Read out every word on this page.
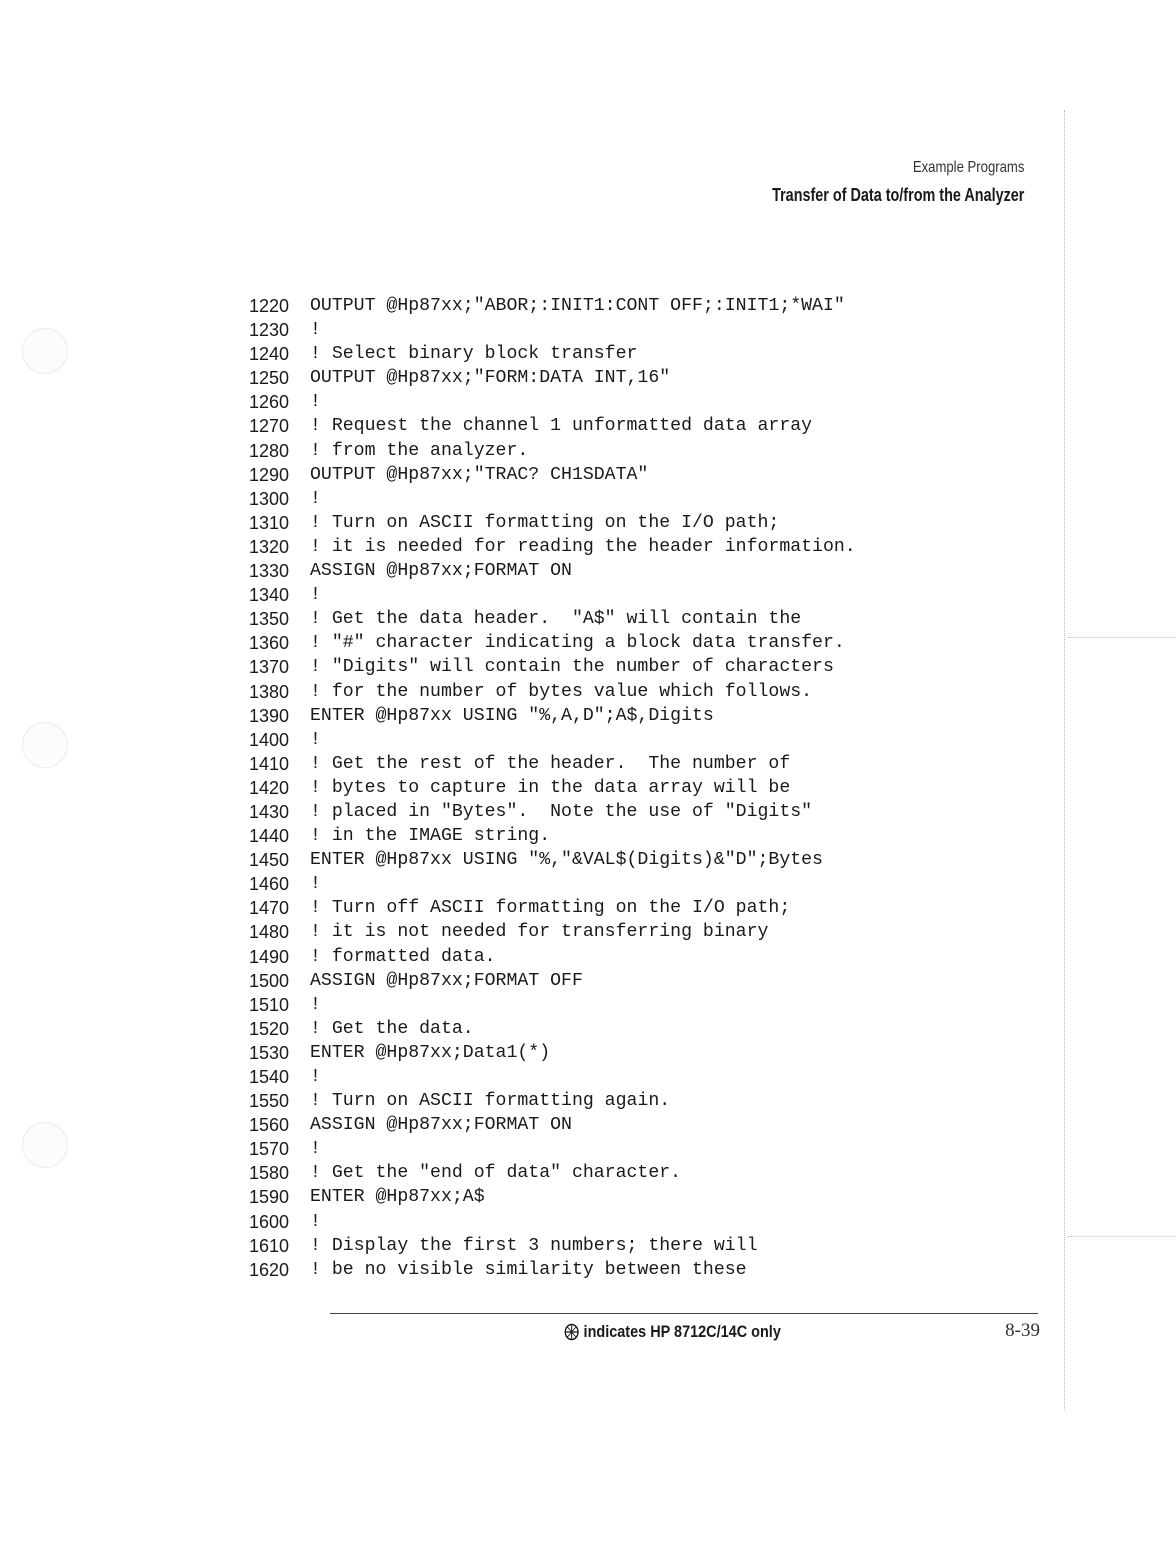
Example Programs
Transfer of Data to/from the Analyzer
1220	OUTPUT @Hp87xx;"ABOR;:INIT1:CONT OFF;:INIT1;*WAI"
1230	!
1240	! Select binary block transfer
1250	OUTPUT @Hp87xx;"FORM:DATA INT,16"
1260	!
1270	! Request the channel 1 unformatted data array
1280	! from the analyzer.
1290	OUTPUT @Hp87xx;"TRAC? CH1SDATA"
1300	!
1310	! Turn on ASCII formatting on the I/O path;
1320	! it is needed for reading the header information.
1330	ASSIGN @Hp87xx;FORMAT ON
1340	!
1350	! Get the data header.  "A$" will contain the
1360	! "#" character indicating a block data transfer.
1370	! "Digits" will contain the number of characters
1380	! for the number of bytes value which follows.
1390	ENTER @Hp87xx USING "%,A,D";A$,Digits
1400	!
1410	! Get the rest of the header.  The number of
1420	! bytes to capture in the data array will be
1430	! placed in "Bytes".  Note the use of "Digits"
1440	! in the IMAGE string.
1450	ENTER @Hp87xx USING "%,"&VAL$(Digits)&"D";Bytes
1460	!
1470	! Turn off ASCII formatting on the I/O path;
1480	! it is not needed for transferring binary
1490	! formatted data.
1500	ASSIGN @Hp87xx;FORMAT OFF
1510	!
1520	! Get the data.
1530	ENTER @Hp87xx;Data1(*)
1540	!
1550	! Turn on ASCII formatting again.
1560	ASSIGN @Hp87xx;FORMAT ON
1570	!
1580	! Get the "end of data" character.
1590	ENTER @Hp87xx;A$
1600	!
1610	! Display the first 3 numbers; there will
1620	! be no visible similarity between these
indicates HP 8712C/14C only	8-39
